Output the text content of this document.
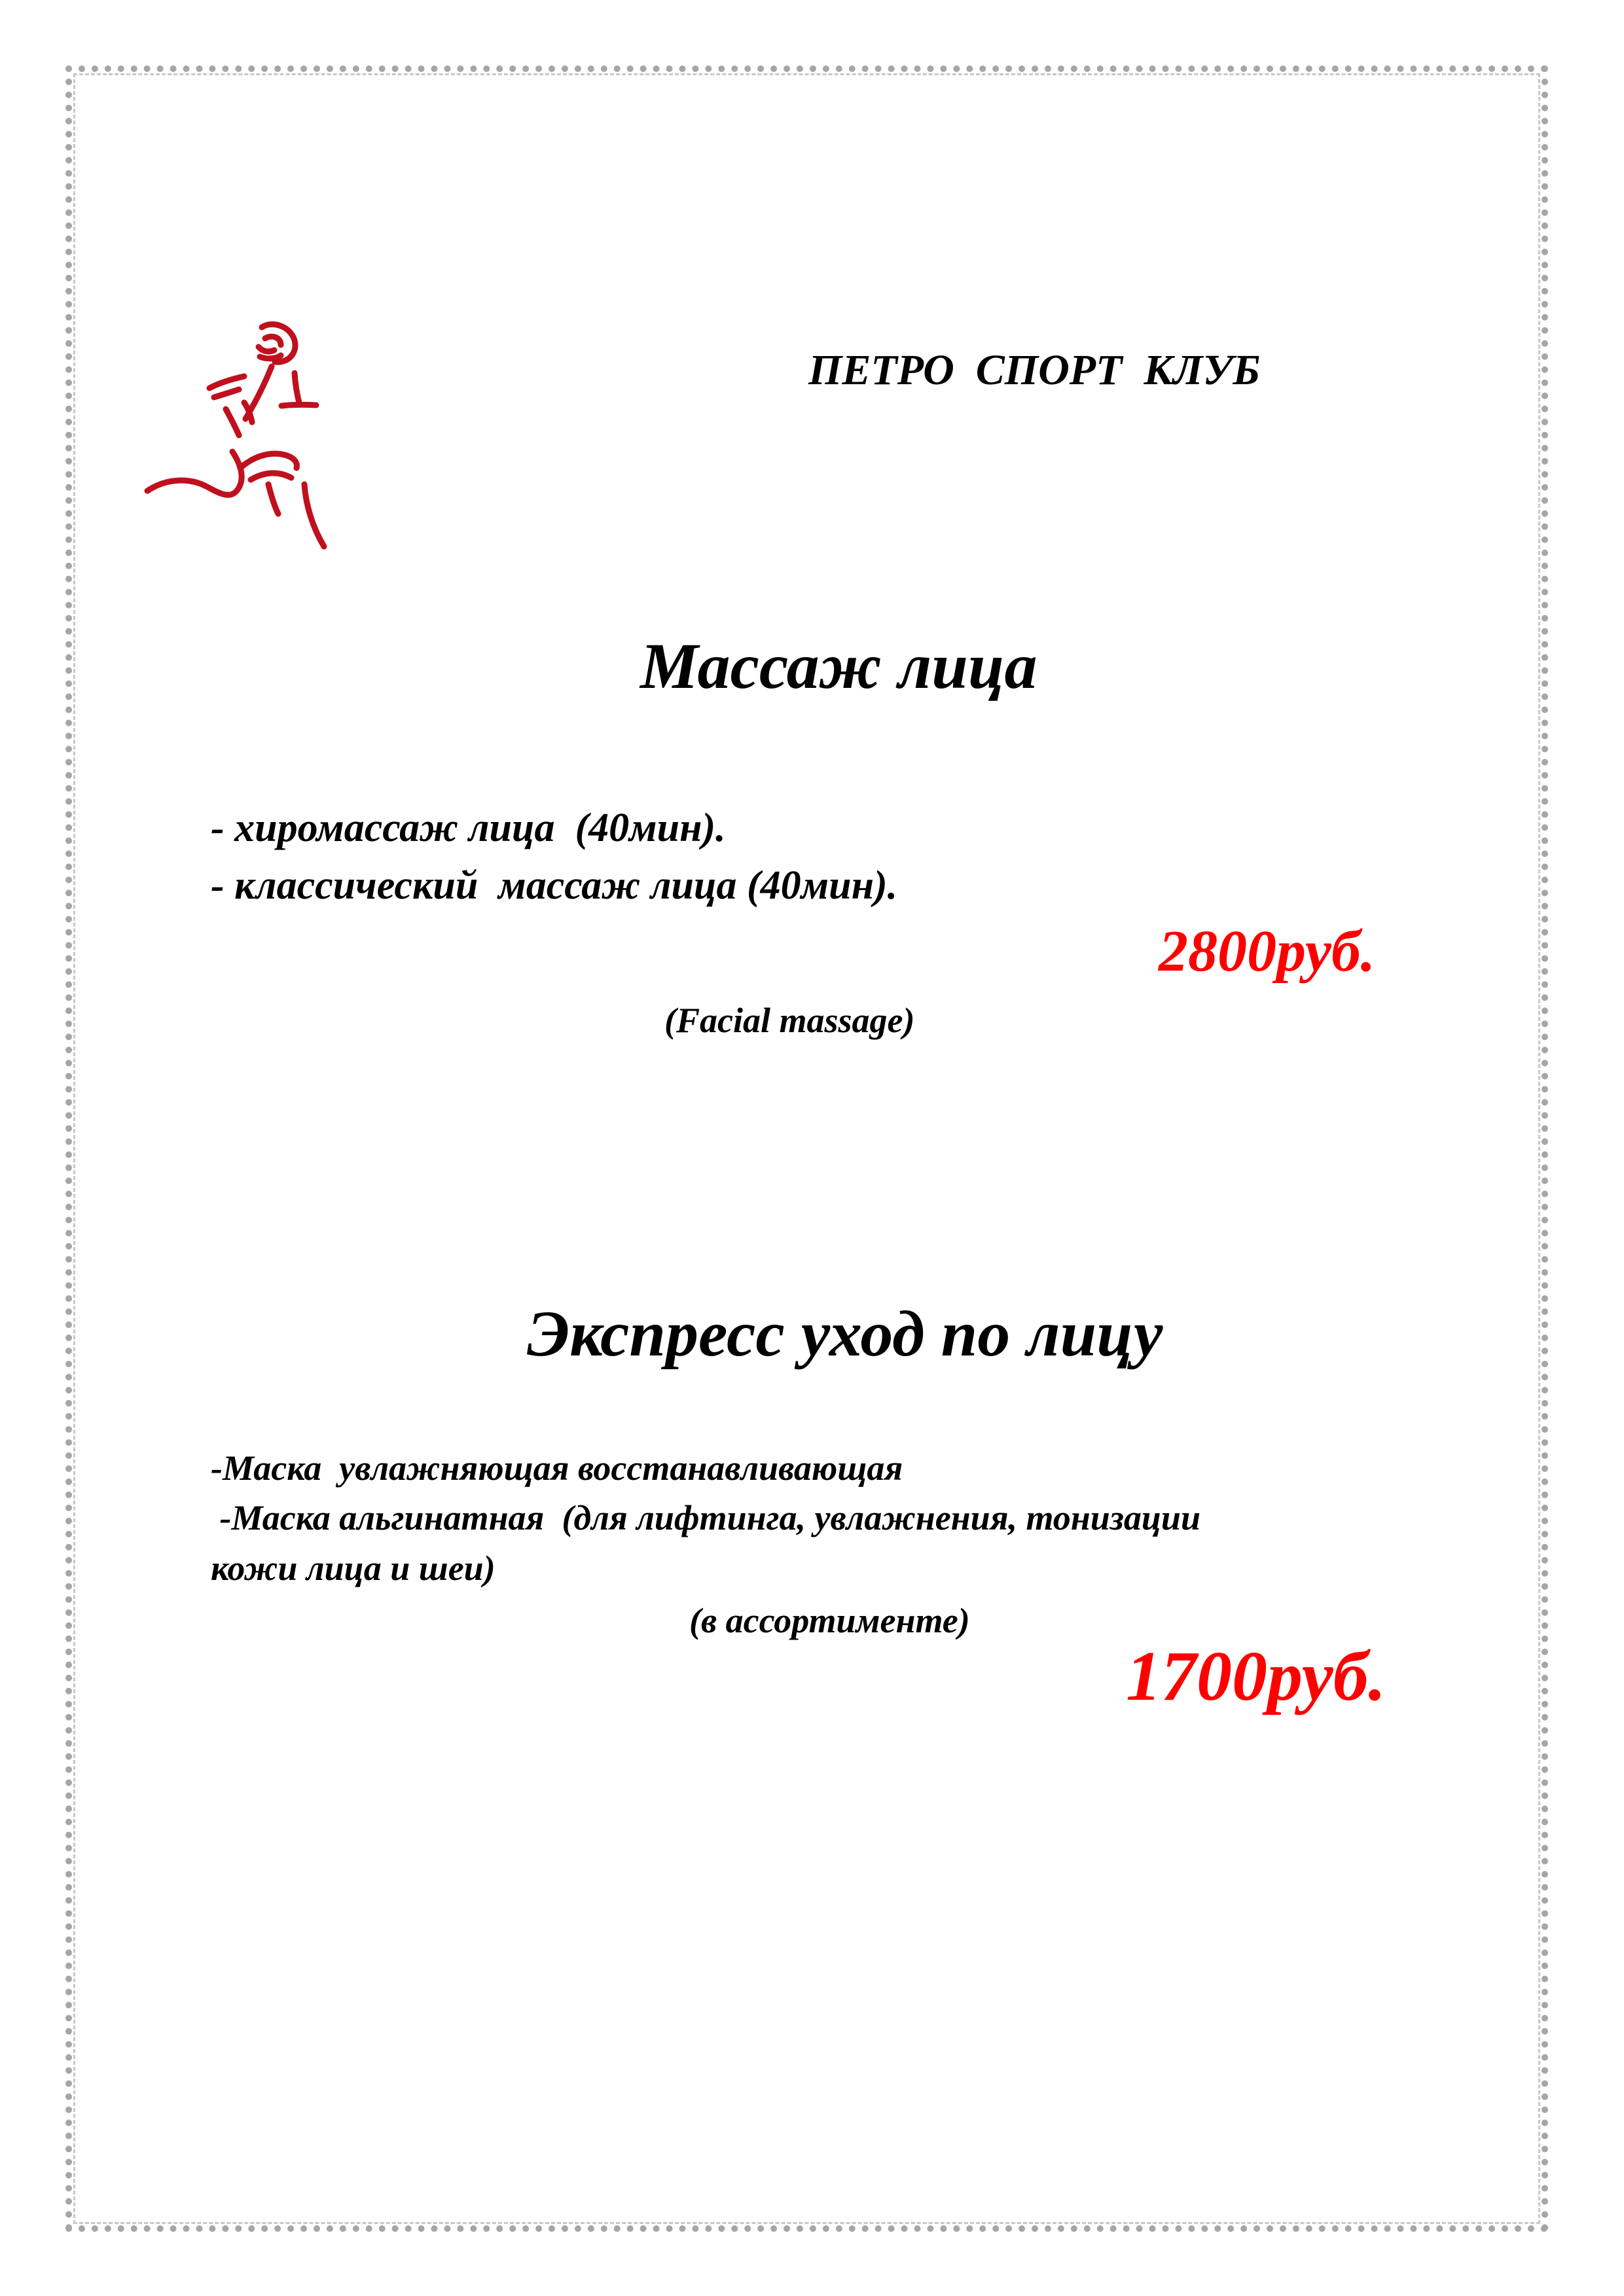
ПЕТРО  СПОРТ  КЛУБ
Массаж лица
- хиромассаж лица  (40мин).
- классический  массаж лица (40мин).
2800руб.
(Facial massage)
Экспресс уход по лицу
-Маска  увлажняющая восстанавливающая
-Маска альгинатная  (для лифтинга, увлажнения, тонизации
кожи лица и шеи)
(в ассортименте)
1700руб.
